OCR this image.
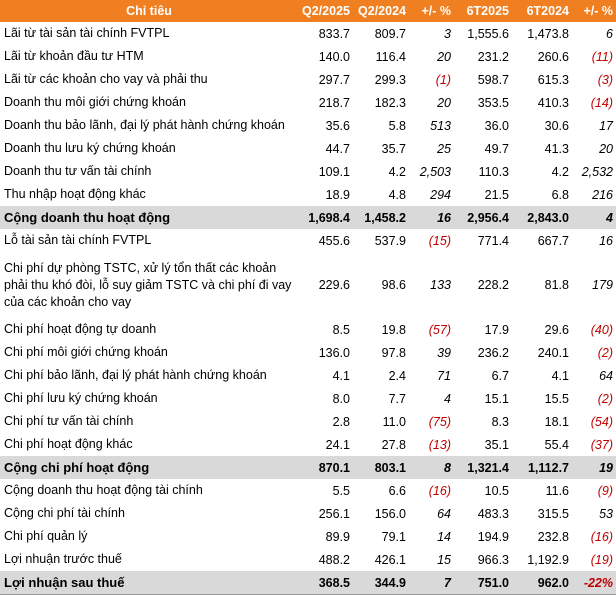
Chỉ tiêu	Q2/2025	Q2/2024	+/- %	6T2025	6T2024	+/- %
Lãi từ tài sản tài chính FVTPL	833.7	809.7	3	1,555.6	1,473.8	6
Lãi từ khoản đầu tư HTM	140.0	116.4	20	231.2	260.6	(11)
Lãi từ các khoản cho vay và phải thu	297.7	299.3	(1)	598.7	615.3	(3)
Doanh thu môi giới chứng khoán	218.7	182.3	20	353.5	410.3	(14)
Doanh thu bảo lãnh, đại lý phát hành chứng khoán	35.6	5.8	513	36.0	30.6	17
Doanh thu lưu ký chứng khoán	44.7	35.7	25	49.7	41.3	20
Doanh thu tư vấn tài chính	109.1	4.2	2,503	110.3	4.2	2,532
Thu nhập hoạt động khác	18.9	4.8	294	21.5	6.8	216
Cộng doanh thu hoạt động	1,698.4	1,458.2	16	2,956.4	2,843.0	4
Lỗ tài sản tài chính FVTPL	455.6	537.9	(15)	771.4	667.7	16
Chi phí dự phòng TSTC, xử lý tổn thất các khoản phải thu khó đòi, lỗ suy giảm TSTC và chi phí đi vay của các khoản cho vay	229.6	98.6	133	228.2	81.8	179
Chi phí hoạt động tự doanh	8.5	19.8	(57)	17.9	29.6	(40)
Chi phí môi giới chứng khoán	136.0	97.8	39	236.2	240.1	(2)
Chi phí bảo lãnh, đại lý phát hành chứng khoán	4.1	2.4	71	6.7	4.1	64
Chi phí lưu ký chứng khoán	8.0	7.7	4	15.1	15.5	(2)
Chi phí tư vấn tài chính	2.8	11.0	(75)	8.3	18.1	(54)
Chi phí hoạt động khác	24.1	27.8	(13)	35.1	55.4	(37)
Cộng chi phí hoạt động	870.1	803.1	8	1,321.4	1,112.7	19
Cộng doanh thu hoạt động tài chính	5.5	6.6	(16)	10.5	11.6	(9)
Cộng chi phí tài chính	256.1	156.0	64	483.3	315.5	53
Chi phí quản lý	89.9	79.1	14	194.9	232.8	(16)
Lợi nhuận trước thuế	488.2	426.1	15	966.3	1,192.9	(19)
Lợi nhuận sau thuế	368.5	344.9	7	751.0	962.0	-22%
